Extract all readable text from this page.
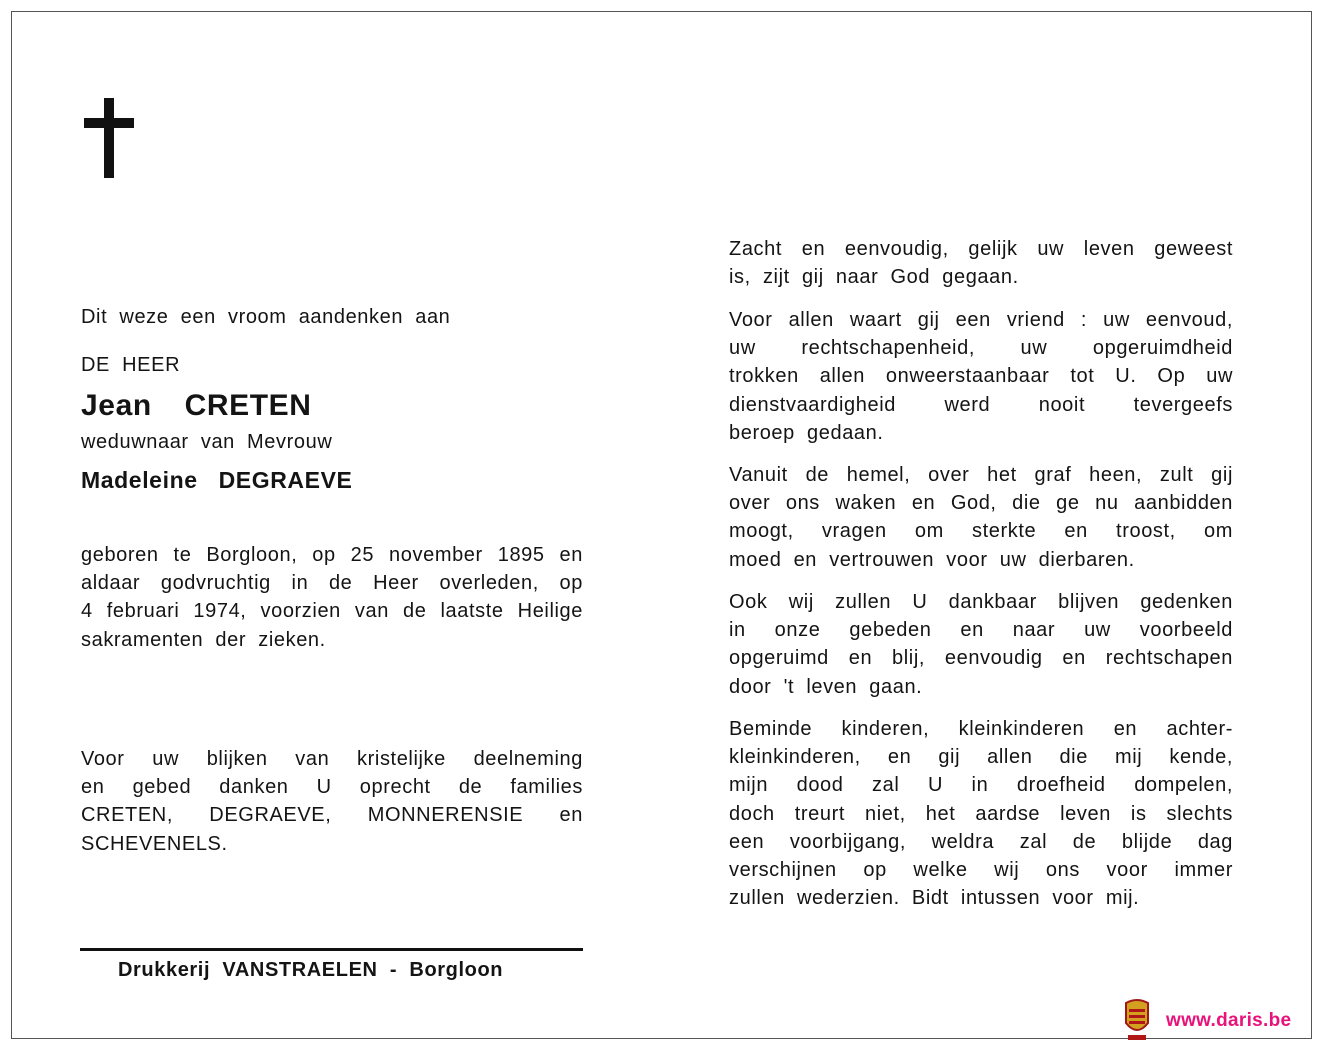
Dit weze een vroom aandenken aan
DE HEER
Jean   CRETEN
weduwnaar van Mevrouw
Madeleine   DEGRAEVE
geboren te Borgloon, op 25 november 1895 en
aldaar godvruchtig in de Heer overleden, op
4 februari 1974, voorzien van de laatste Heilige
sakramenten der zieken.
Voor uw blijken van kristelijke deelneming
en gebed danken U oprecht de families
CRETEN, DEGRAEVE, MONNERENSIE en
SCHEVENELS.
Drukkerij  VANSTRAELEN  -  Borgloon
Zacht en eenvoudig, gelijk uw leven geweest
is, zijt gij naar God gegaan.
Voor allen waart gij een vriend : uw eenvoud,
uw rechtschapenheid, uw opgeruimdheid
trokken allen onweerstaanbaar tot U. Op uw
dienstvaardigheid werd nooit tevergeefs
beroep gedaan.
Vanuit de hemel, over het graf heen, zult gij
over ons waken en God, die ge nu aanbidden
moogt, vragen om sterkte en troost, om
moed en vertrouwen voor uw dierbaren.
Ook wij zullen U dankbaar blijven gedenken
in onze gebeden en naar uw voorbeeld
opgeruimd en blij, eenvoudig en rechtschapen
door 't leven gaan.
Beminde kinderen, kleinkinderen en achter-
kleinkinderen, en gij allen die mij kende,
mijn dood zal U in droefheid dompelen,
doch treurt niet, het aardse leven is slechts
een voorbijgang, weldra zal de blijde dag
verschijnen op welke wij ons voor immer
zullen wederzien. Bidt intussen voor mij.
www.daris.be
